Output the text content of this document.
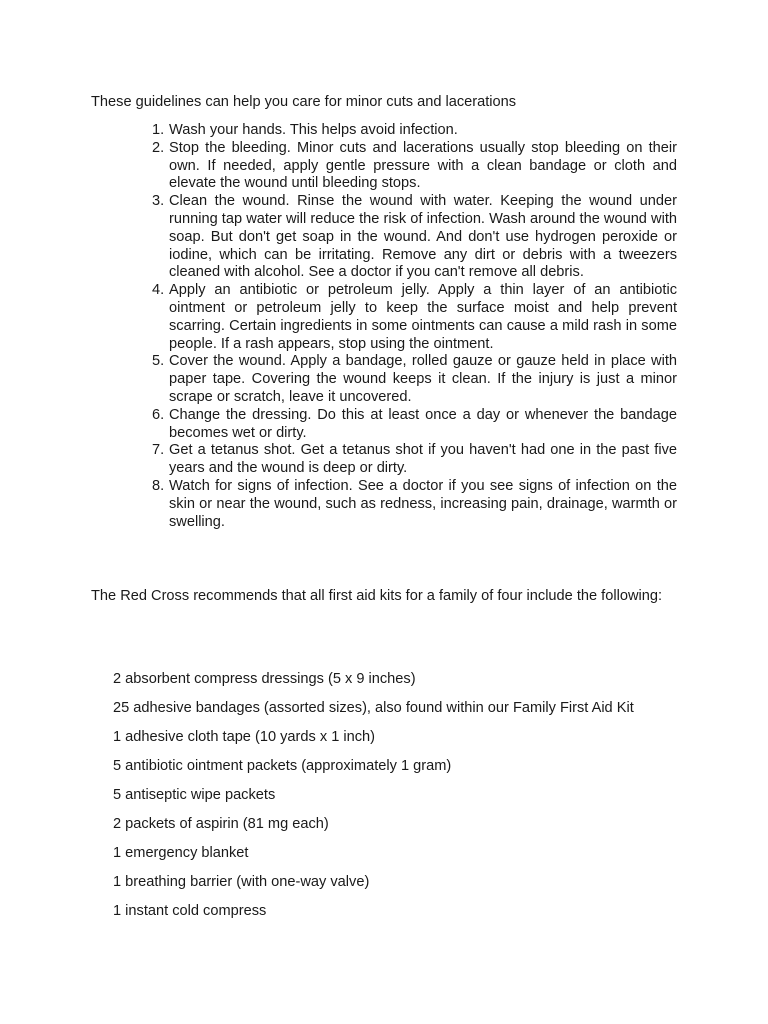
These guidelines can help you care for minor cuts and lacerations

1. Wash your hands. This helps avoid infection.
2. Stop the bleeding. Minor cuts and lacerations usually stop bleeding on their own. If needed, apply gentle pressure with a clean bandage or cloth and elevate the wound until bleeding stops.
3. Clean the wound. Rinse the wound with water. Keeping the wound under running tap water will reduce the risk of infection. Wash around the wound with soap. But don't get soap in the wound. And don't use hydrogen peroxide or iodine, which can be irritating. Remove any dirt or debris with a tweezers cleaned with alcohol. See a doctor if you can't remove all debris.
4. Apply an antibiotic or petroleum jelly. Apply a thin layer of an antibiotic ointment or petroleum jelly to keep the surface moist and help prevent scarring. Certain ingredients in some ointments can cause a mild rash in some people. If a rash appears, stop using the ointment.
5. Cover the wound. Apply a bandage, rolled gauze or gauze held in place with paper tape. Covering the wound keeps it clean. If the injury is just a minor scrape or scratch, leave it uncovered.
6. Change the dressing. Do this at least once a day or whenever the bandage becomes wet or dirty.
7. Get a tetanus shot. Get a tetanus shot if you haven't had one in the past five years and the wound is deep or dirty.
8. Watch for signs of infection. See a doctor if you see signs of infection on the skin or near the wound, such as redness, increasing pain, drainage, warmth or swelling.

The Red Cross recommends that all first aid kits for a family of four include the following:

2 absorbent compress dressings (5 x 9 inches)
25 adhesive bandages (assorted sizes), also found within our Family First Aid Kit
1 adhesive cloth tape (10 yards x 1 inch)
5 antibiotic ointment packets (approximately 1 gram)
5 antiseptic wipe packets
2 packets of aspirin (81 mg each)
1 emergency blanket
1 breathing barrier (with one-way valve)
1 instant cold compress
